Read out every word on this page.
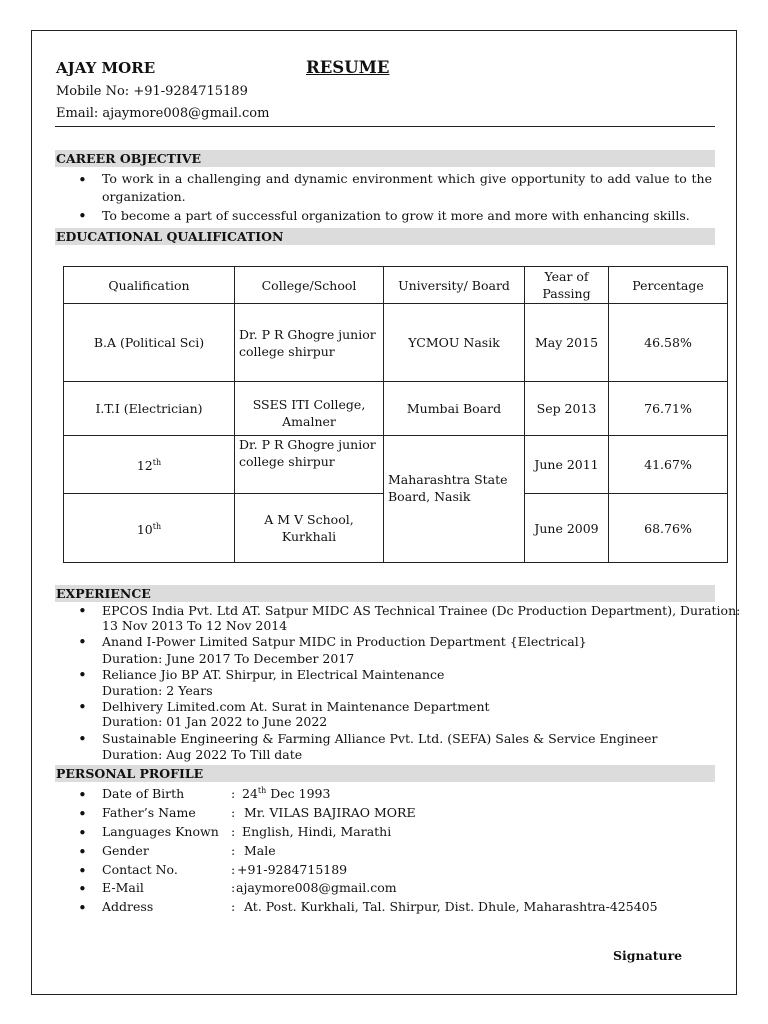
AJAY MORE	RESUME
Mobile No: +91-9284715189
Email: ajaymore008@gmail.com
CAREER OBJECTIVE
• To work in a challenging and dynamic environment which give opportunity to add value to the organization.
• To become a part of successful organization to grow it more and more with enhancing skills.
EDUCATIONAL QUALIFICATION
Qualification	College/School	University/ Board	Year of Passing	Percentage
B.A (Political Sci)	Dr. P R Ghogre junior college shirpur	YCMOU Nasik	May 2015	46.58%
I.T.I (Electrician)	SSES ITI College, Amalner	Mumbai Board	Sep 2013	76.71%
12th	Dr. P R Ghogre junior college shirpur	Maharashtra State Board, Nasik	June 2011	41.67%
10th	A M V School, Kurkhali		June 2009	68.76%
EXPERIENCE
• EPCOS India Pvt. Ltd AT. Satpur MIDC AS Technical Trainee (Dc Production Department), Duration:
13 Nov 2013 To 12 Nov 2014
• Anand I-Power Limited Satpur MIDC in Production Department {Electrical}
Duration: June 2017 To December 2017
• Reliance Jio BP AT. Shirpur, in Electrical Maintenance
Duration: 2 Years
• Delhivery Limited.com At. Surat in Maintenance Department
Duration: 01 Jan 2022 to June 2022
• Sustainable Engineering & Farming Alliance Pvt. Ltd. (SEFA) Sales & Service Engineer
Duration: Aug 2022 To Till date
PERSONAL PROFILE
• Date of Birth	: 24th Dec 1993
• Father’s Name	: Mr. VILAS BAJIRAO MORE
• Languages Known : English, Hindi, Marathi
• Gender	: Male
• Contact No.	: +91-9284715189
• E-Mail	: ajaymore008@gmail.com
• Address	: At. Post. Kurkhali, Tal. Shirpur, Dist. Dhule, Maharashtra-425405
Signature
